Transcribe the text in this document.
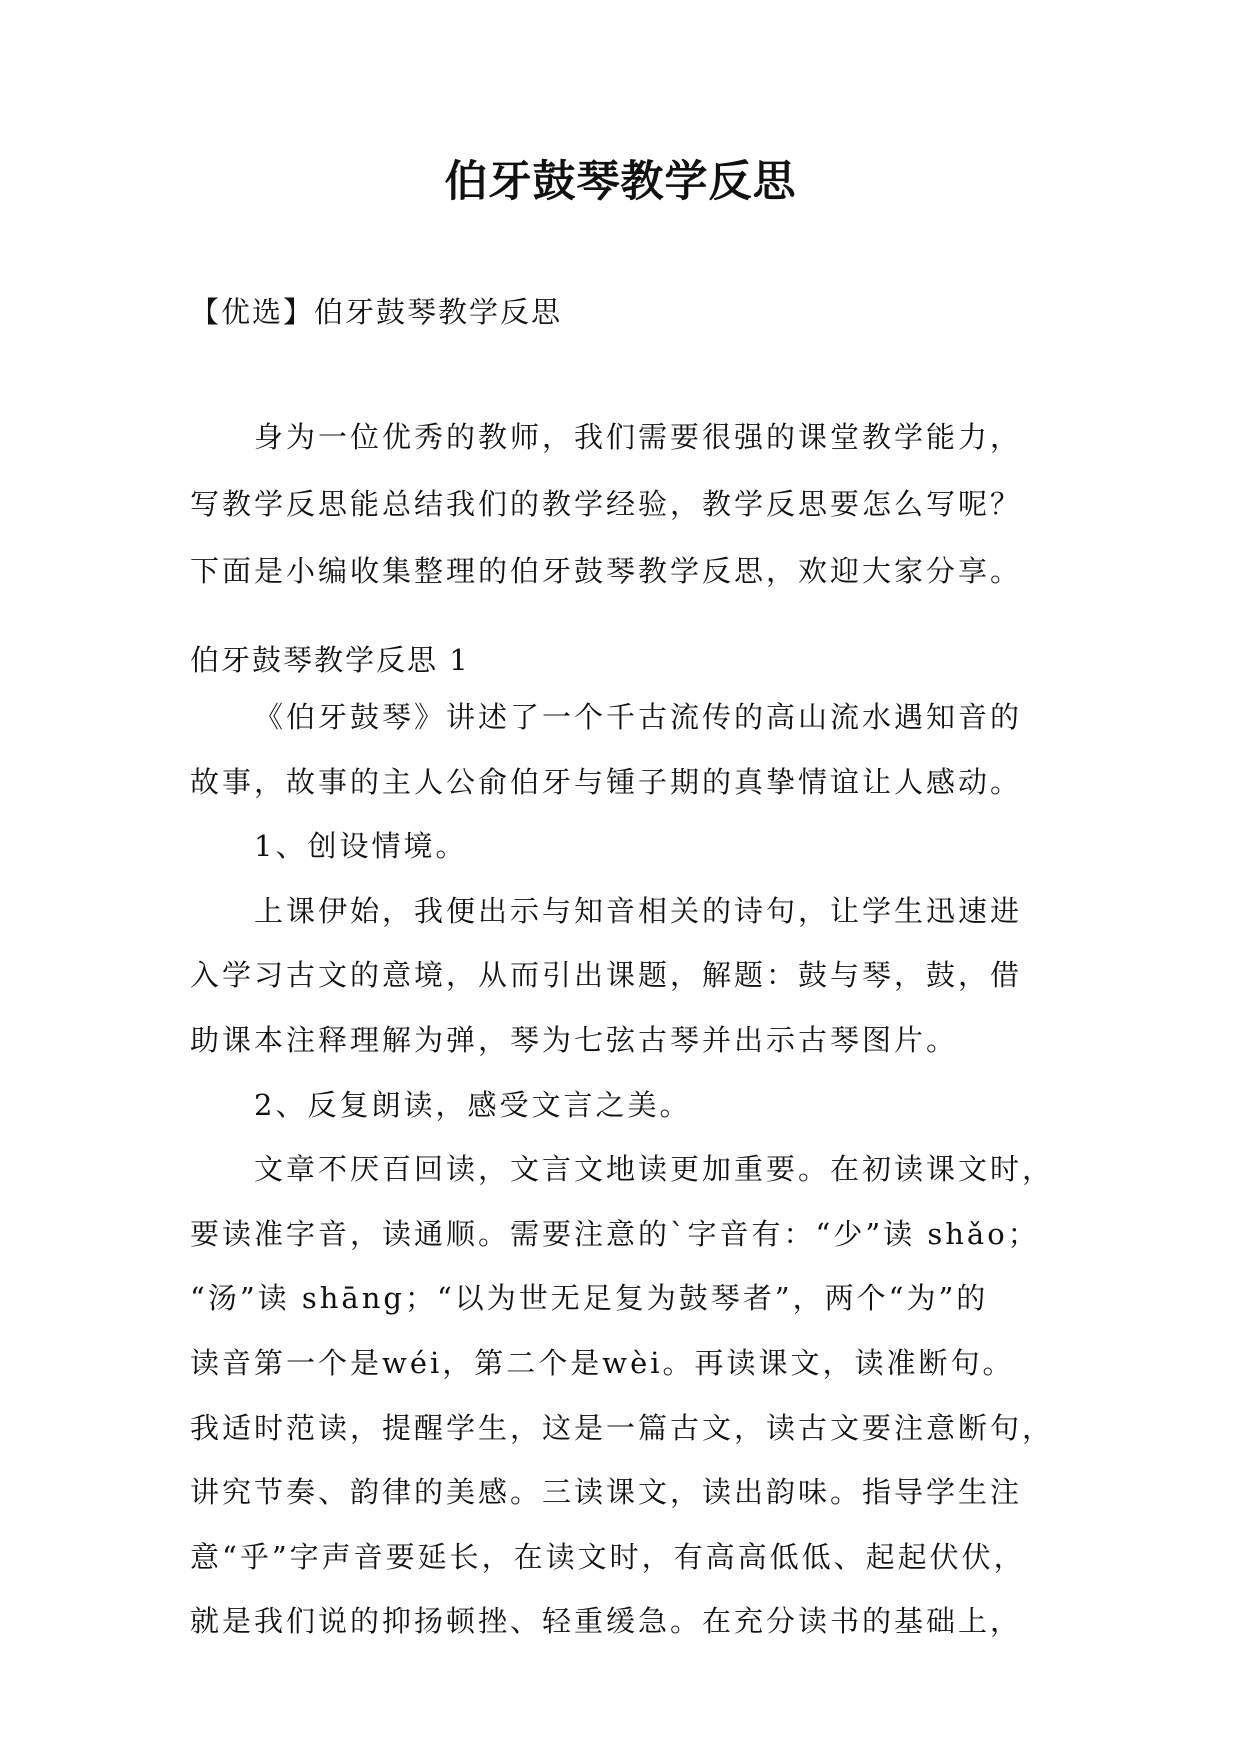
伯牙鼓琴教学反思
【优选】伯牙鼓琴教学反思
身为一位优秀的教师，我们需要很强的课堂教学能力，
写教学反思能总结我们的教学经验，教学反思要怎么写呢？
下面是小编收集整理的伯牙鼓琴教学反思，欢迎大家分享。
伯牙鼓琴教学反思 1
《伯牙鼓琴》讲述了一个千古流传的高山流水遇知音的
故事，故事的主人公俞伯牙与锺子期的真挚情谊让人感动。
1、创设情境。
上课伊始，我便出示与知音相关的诗句，让学生迅速进
入学习古文的意境，从而引出课题，解题：鼓与琴，鼓，借
助课本注释理解为弹，琴为七弦古琴并出示古琴图片。
2、反复朗读，感受文言之美。
文章不厌百回读，文言文地读更加重要。在初读课文时，
要读准字音，读通顺。需要注意的`字音有：“少”读 shǎo；
“汤”读 shāng；“以为世无足复为鼓琴者”，两个“为”的
读音第一个是wéi，第二个是wèi。再读课文，读准断句。
我适时范读，提醒学生，这是一篇古文，读古文要注意断句，
讲究节奏、韵律的美感。三读课文，读出韵味。指导学生注
意“乎”字声音要延长，在读文时，有高高低低、起起伏伏，
就是我们说的抑扬顿挫、轻重缓急。在充分读书的基础上，
